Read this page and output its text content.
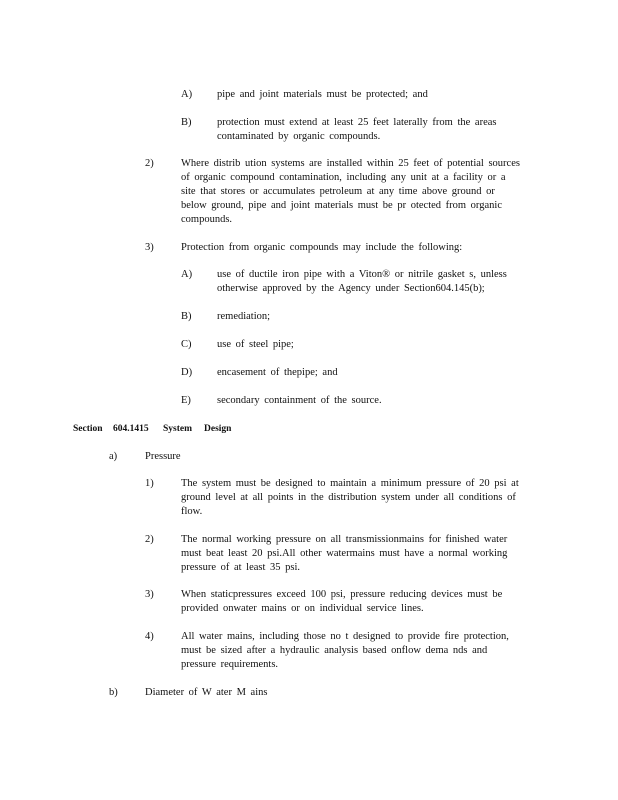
A) pipe and joint materials must be protected; and
B) protection must extend at least 25 feet laterally from the areas
contaminated by organic compounds.
2)	Where distrib ution systems are installed within 25 feet of potential sources
of organic compound contamination, including any unit at a facility or a
site that stores or accumulates petroleum at any time above ground or
below ground, pipe and joint materials must be pr otected from organic
compounds.
3)	Protection from organic compounds may include the following:
A) use of ductile iron pipe with a Viton® or nitrile gasket s, unless
otherwise approved by the Agency under Section604.145(b);
B) remediation;
C) use of steel pipe;
D) encasement of thepipe; and
E) secondary containment of the source.
Section 604.1415 System Design
a)	Pressure
1)	The system must be designed to maintain a minimum pressure of 20 psi at
ground level at all points in the distribution system under all conditions of
flow.
2)	The normal working pressure on all transmissionmains for finished water
must beat least 20 psi.All other watermains must have a normal working
pressure of at least 35 psi.
3)	When staticpressures exceed 100 psi, pressure reducing devices must be
provided onwater mains or on individual service lines.
4)	All water mains, including those no t designed to provide fire protection,
must be sized after a hydraulic analysis based onflow dema nds and
pressure requirements.
b)	Diameter of W ater M ains
